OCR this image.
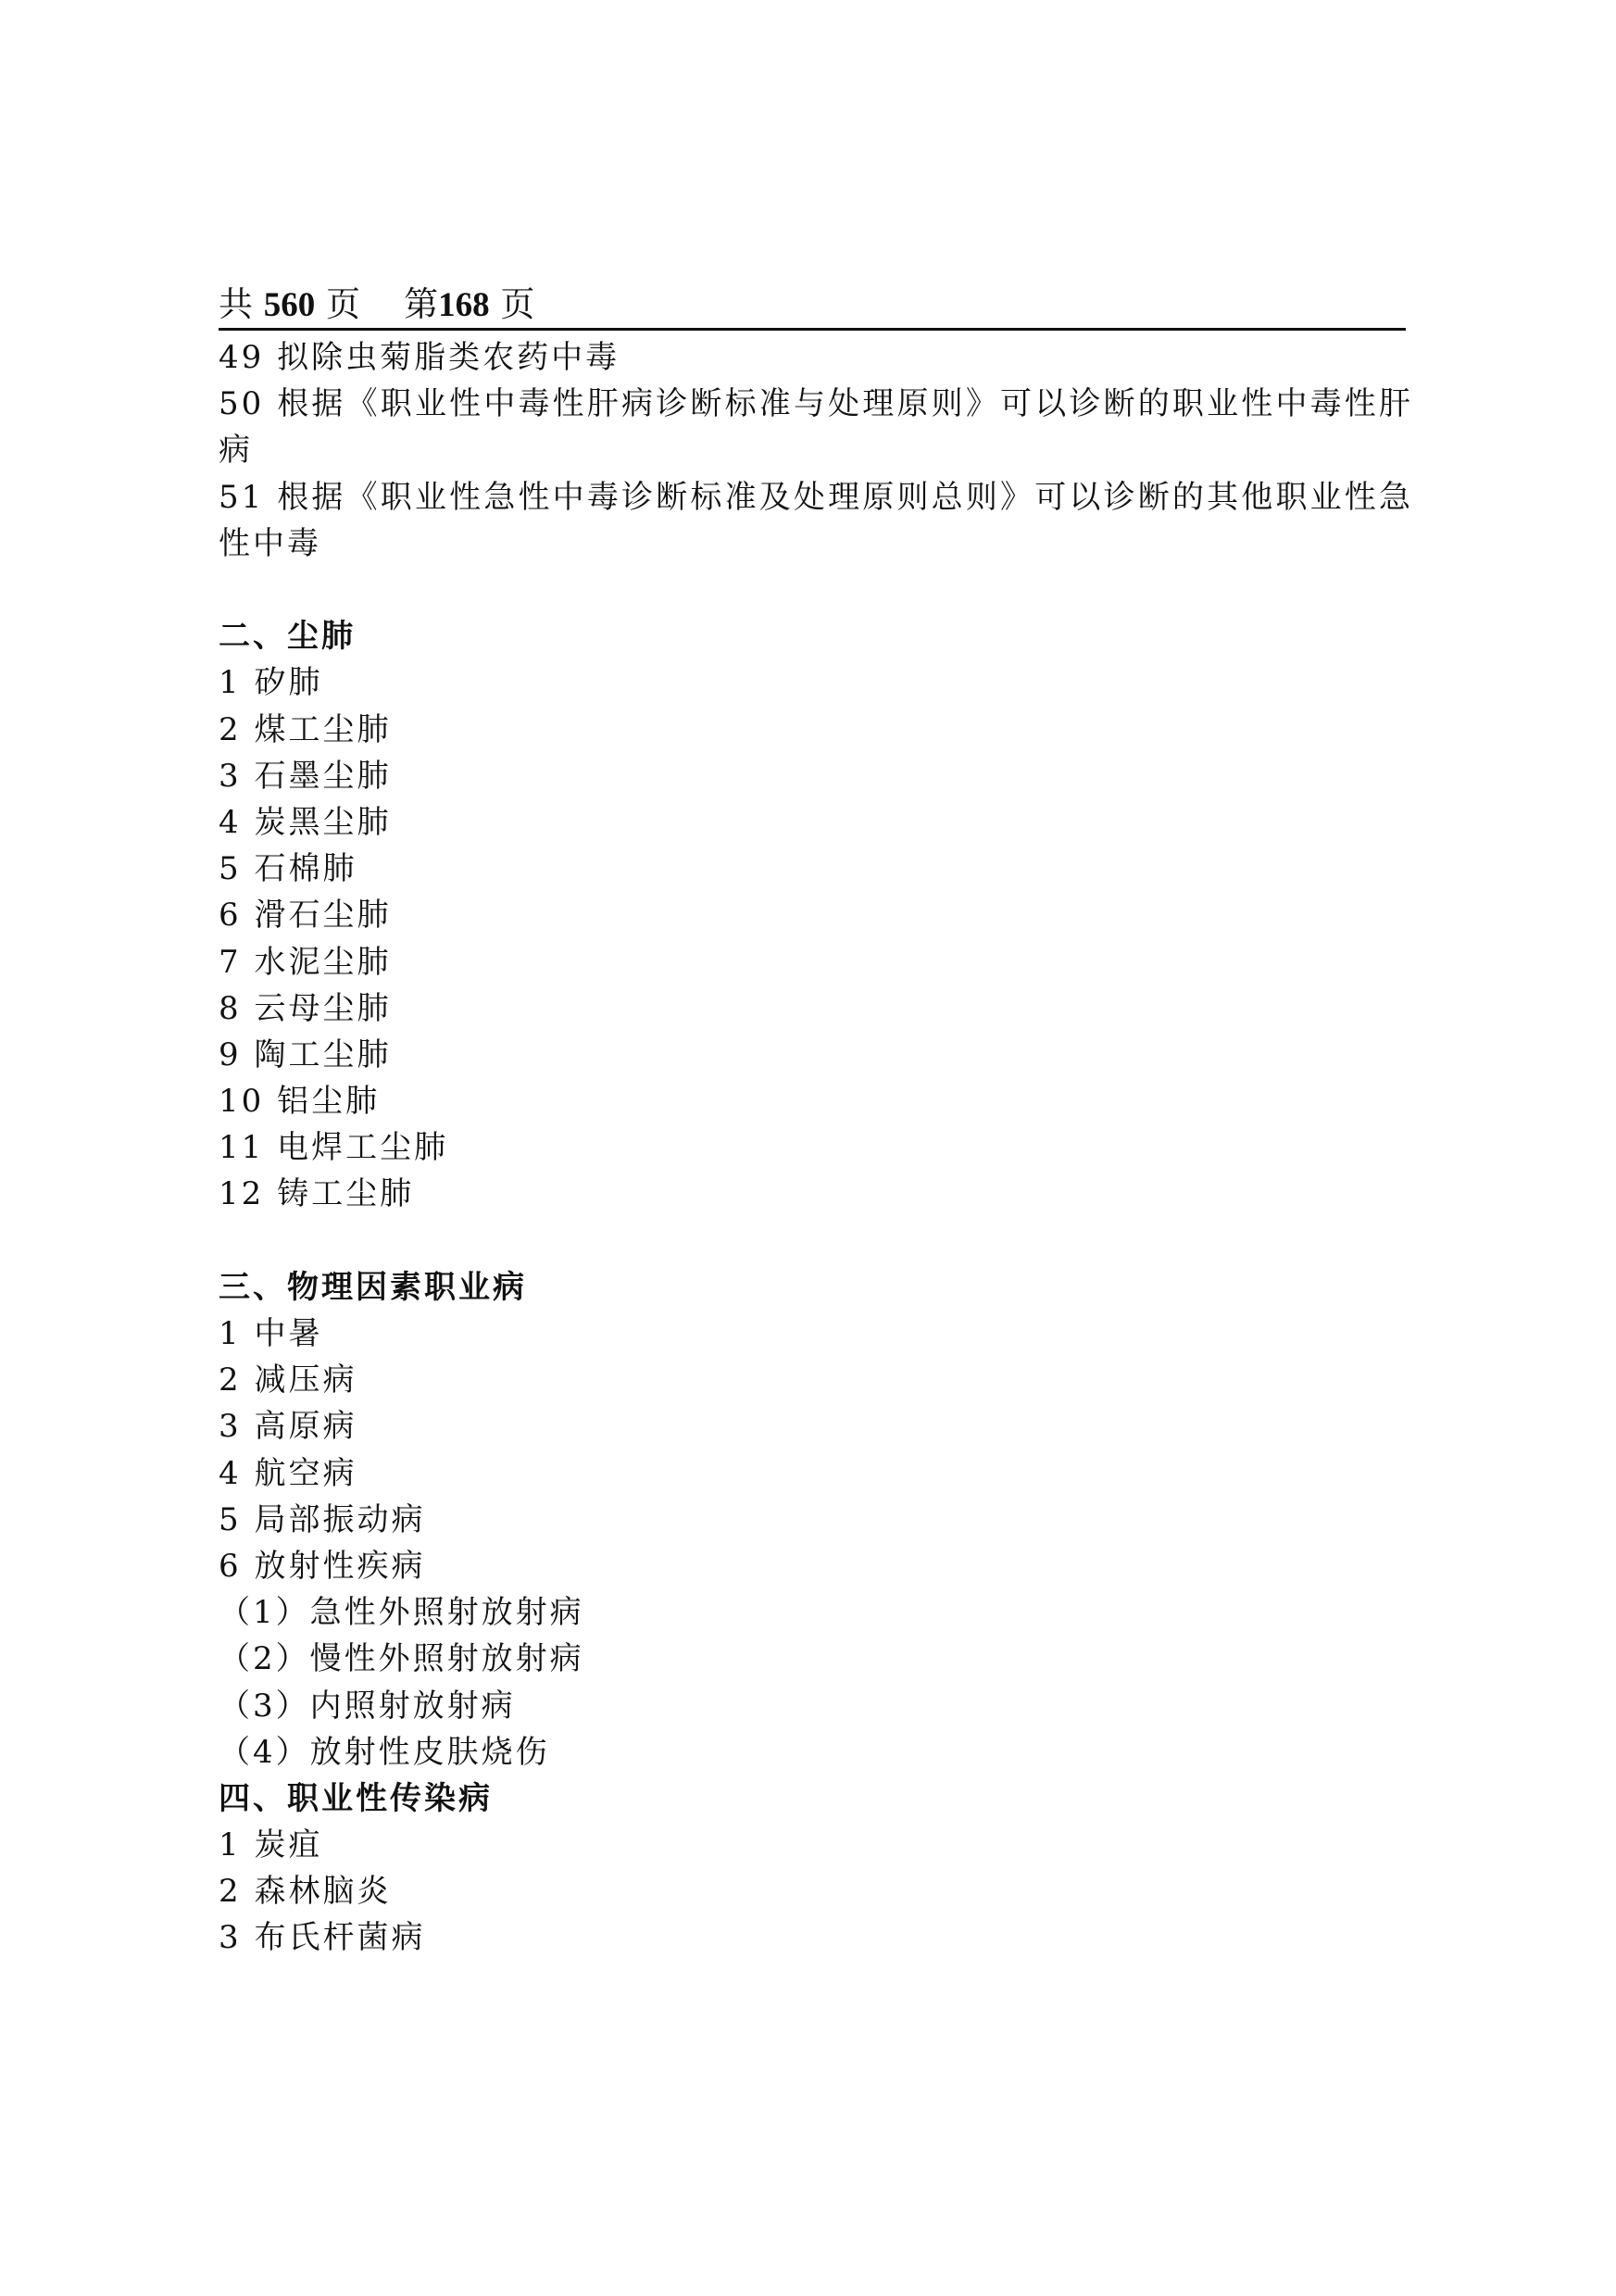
共 560 页 第168 页
49 拟除虫菊脂类农药中毒
50 根据《职业性中毒性肝病诊断标准与处理原则》可以诊断的职业性中毒性肝病
51 根据《职业性急性中毒诊断标准及处理原则总则》可以诊断的其他职业性急性中毒
二、尘肺
1 矽肺
2 煤工尘肺
3 石墨尘肺
4 炭黑尘肺
5 石棉肺
6 滑石尘肺
7 水泥尘肺
8 云母尘肺
9 陶工尘肺
10 铝尘肺
11 电焊工尘肺
12 铸工尘肺
三、物理因素职业病
1 中暑
2 减压病
3 高原病
4 航空病
5 局部振动病
6 放射性疾病
（1）急性外照射放射病
（2）慢性外照射放射病
（3）内照射放射病
（4）放射性皮肤烧伤
四、职业性传染病
1 炭疽
2 森林脑炎
3 布氏杆菌病
